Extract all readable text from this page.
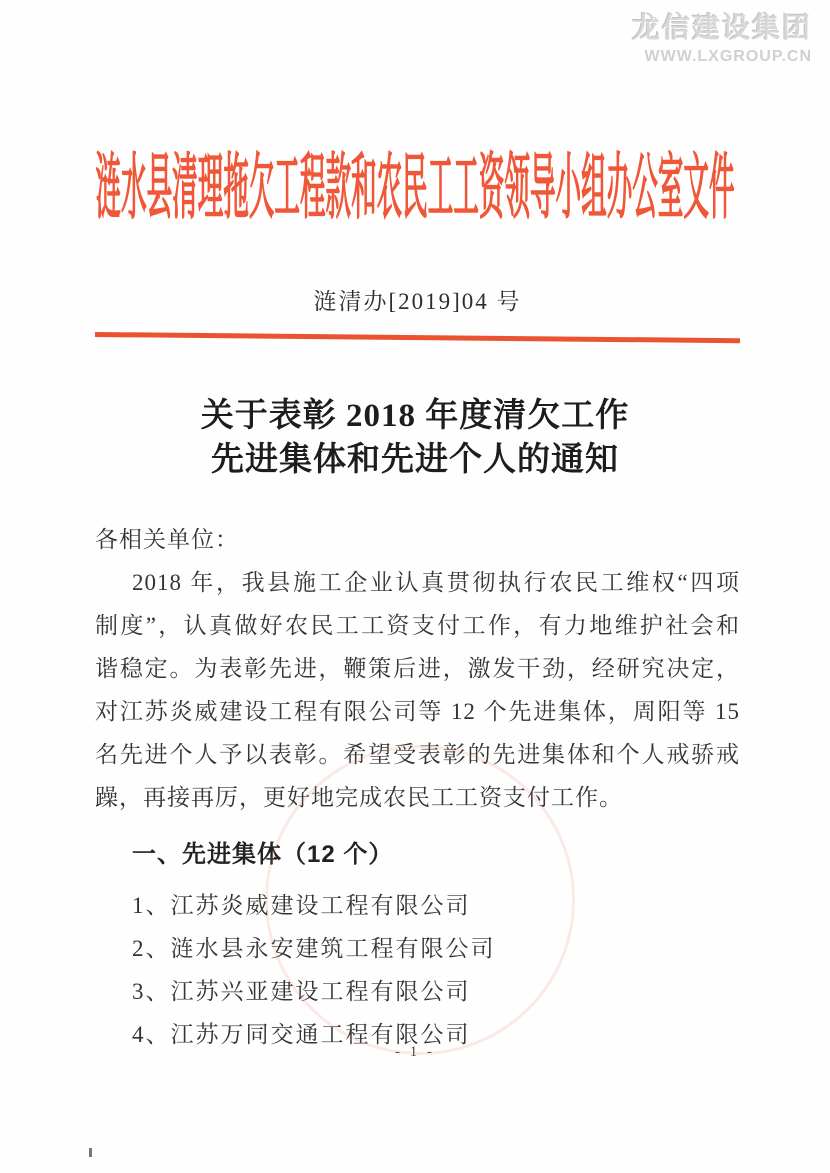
龙信建设集团
WWW.LXGROUP.CN
涟水县清理拖欠工程款和农民工工资领导小组办公室文件
涟清办[2019]04 号
关于表彰 2018 年度清欠工作
先进集体和先进个人的通知
各相关单位：
2018 年，我县施工企业认真贯彻执行农民工维权“四项
制度”，认真做好农民工工资支付工作，有力地维护社会和
谐稳定。为表彰先进，鞭策后进，激发干劲，经研究决定，
对江苏炎威建设工程有限公司等 12 个先进集体，周阳等 15
名先进个人予以表彰。希望受表彰的先进集体和个人戒骄戒
躁，再接再厉，更好地完成农民工工资支付工作。
一、先进集体（12 个）
1、江苏炎威建设工程有限公司
2、涟水县永安建筑工程有限公司
3、江苏兴亚建设工程有限公司
4、江苏万同交通工程有限公司
- 1 -
